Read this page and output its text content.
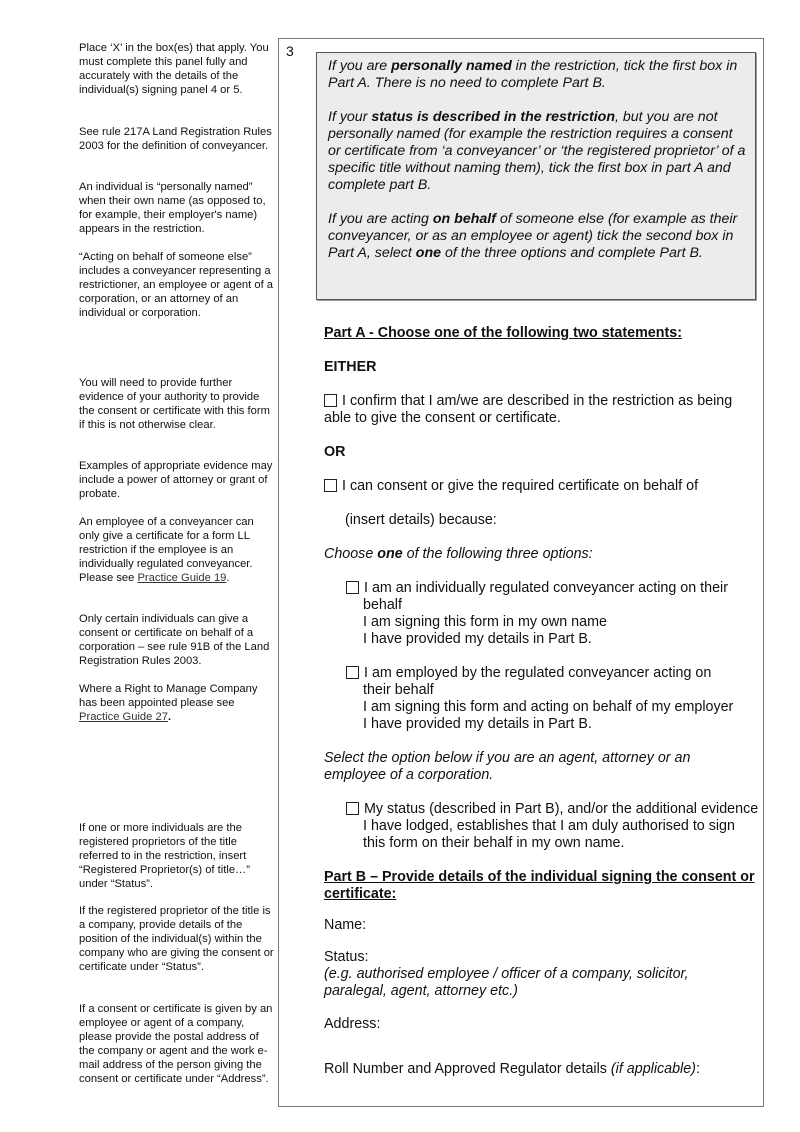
Place ‘X’ in the box(es) that apply. You must complete this panel fully and accurately with the details of the individual(s) signing panel 4 or 5.
See rule 217A Land Registration Rules 2003 for the definition of conveyancer.
An individual is “personally named” when their own name (as opposed to, for example, their employer's name) appears in the restriction.
“Acting on behalf of someone else” includes a conveyancer representing a restrictioner, an employee or agent of a corporation, or an attorney of an individual or corporation.
You will need to provide further evidence of your authority to provide the consent or certificate with this form if this is not otherwise clear.
Examples of appropriate evidence may include a power of attorney or grant of probate.
An employee of a conveyancer can only give a certificate for a form LL restriction if the employee is an individually regulated conveyancer. Please see Practice Guide 19.
Only certain individuals can give a consent or certificate on behalf of a corporation – see rule 91B of the Land Registration Rules 2003.
Where a Right to Manage Company has been appointed please see Practice Guide 27.
If one or more individuals are the registered proprietors of the title referred to in the restriction, insert “Registered Proprietor(s) of title…” under “Status”.
If the registered proprietor of the title is a company, provide details of the position of the individual(s) within the company who are giving the consent or certificate under “Status”.
If a consent or certificate is given by an employee or agent of a company, please provide the postal address of the company or agent and the work e-mail address of the person giving the consent or certificate under “Address”.
3

If you are personally named in the restriction, tick the first box in Part A. There is no need to complete Part B.

If your status is described in the restriction, but you are not personally named (for example the restriction requires a consent or certificate from ‘a conveyancer’ or ‘the registered proprietor’ of a specific title without naming them), tick the first box in part A and complete part B.

If you are acting on behalf of someone else (for example as their conveyancer, or as an employee or agent) tick the second box in Part A, select one of the three options and complete Part B.

Part A - Choose one of the following two statements:
EITHER
I confirm that I am/we are described in the restriction as being able to give the consent or certificate.
OR
I can consent or give the required certificate on behalf of
(insert details) because:
Choose one of the following three options:
I am an individually regulated conveyancer acting on their behalf
I am signing this form in my own name
I have provided my details in Part B.
I am employed by the regulated conveyancer acting on their behalf
I am signing this form and acting on behalf of my employer
I have provided my details in Part B.
Select the option below if you are an agent, attorney or an employee of a corporation.
My status (described in Part B), and/or the additional evidence I have lodged, establishes that I am duly authorised to sign this form on their behalf in my own name.
Part B – Provide details of the individual signing the consent or certificate:
Name:
Status:
(e.g. authorised employee / officer of a company, solicitor, paralegal, agent, attorney etc.)
Address:
Roll Number and Approved Regulator details (if applicable):
